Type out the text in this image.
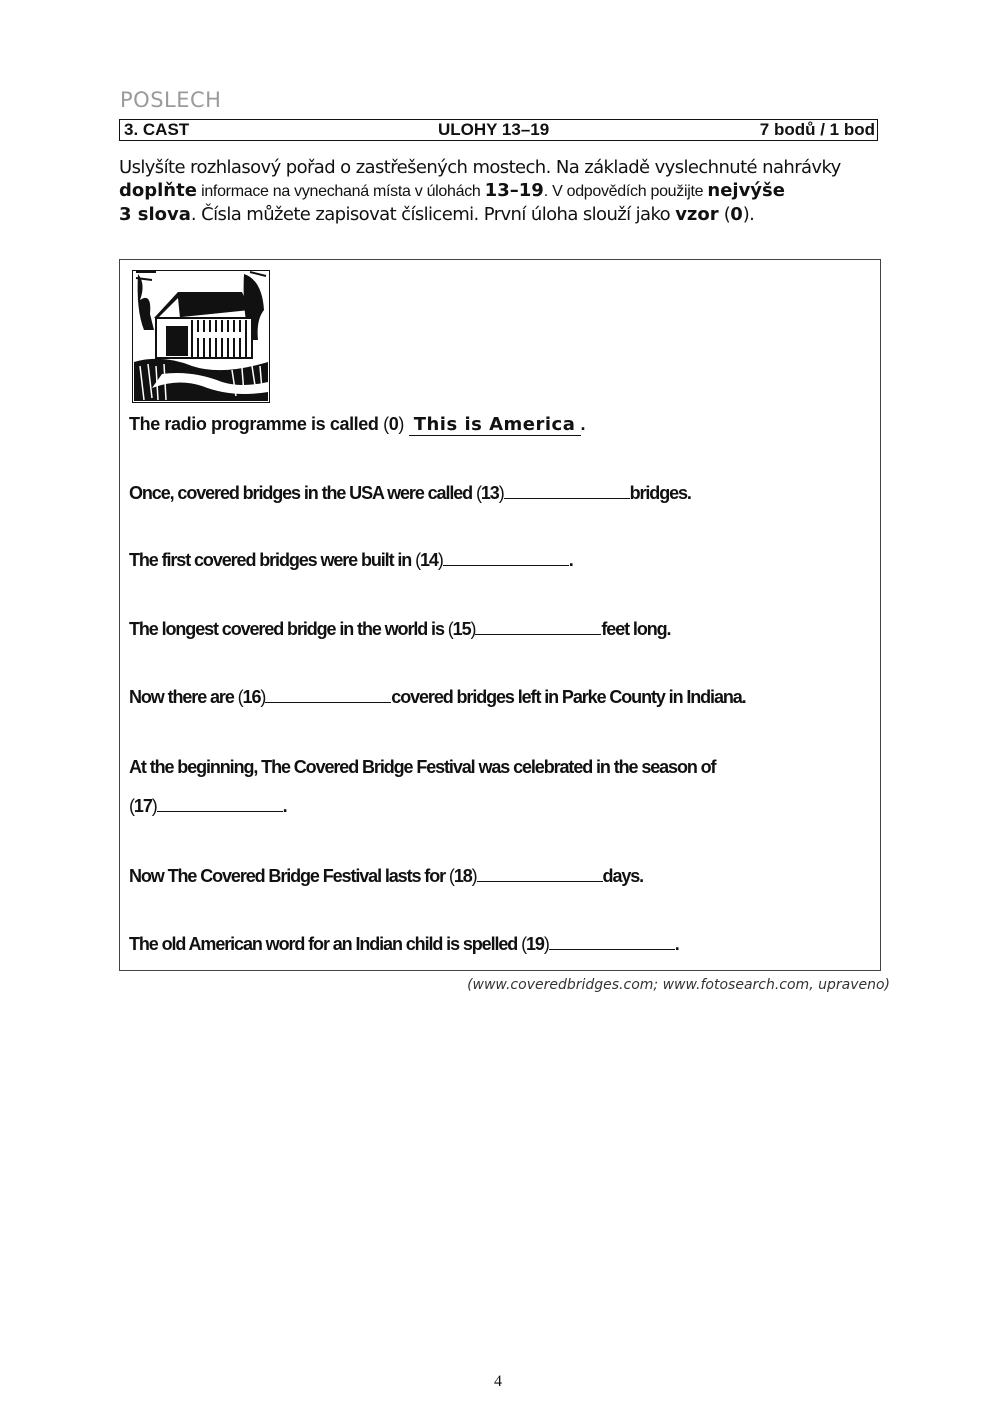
POSLECH
3. CAST	ULOHY 13–19	7 bodů / 1 bod
Uslyšíte rozhlasový pořad o zastřešených mostech. Na základě vyslechnuté nahrávky
doplňte informace na vynechaná místa v úlohách 13–19. V odpovědích použijte nejvýše
3 slova. Čísla můžete zapisovat číslicemi. První úloha slouží jako vzor (0).
The radio programme is called (0) This is America .
Once, covered bridges in the USA were called (13)	bridges.
The first covered bridges were built in (14)	.
The longest covered bridge in the world is (15)	feet long.
Now there are (16)	covered bridges left in Parke County in Indiana.
At the beginning, The Covered Bridge Festival was celebrated in the season of

(17)	.
Now The Covered Bridge Festival lasts for (18)	days.
The old American word for an Indian child is spelled (19)	.
(www.coveredbridges.com; www.fotosearch.com, upraveno)
4
